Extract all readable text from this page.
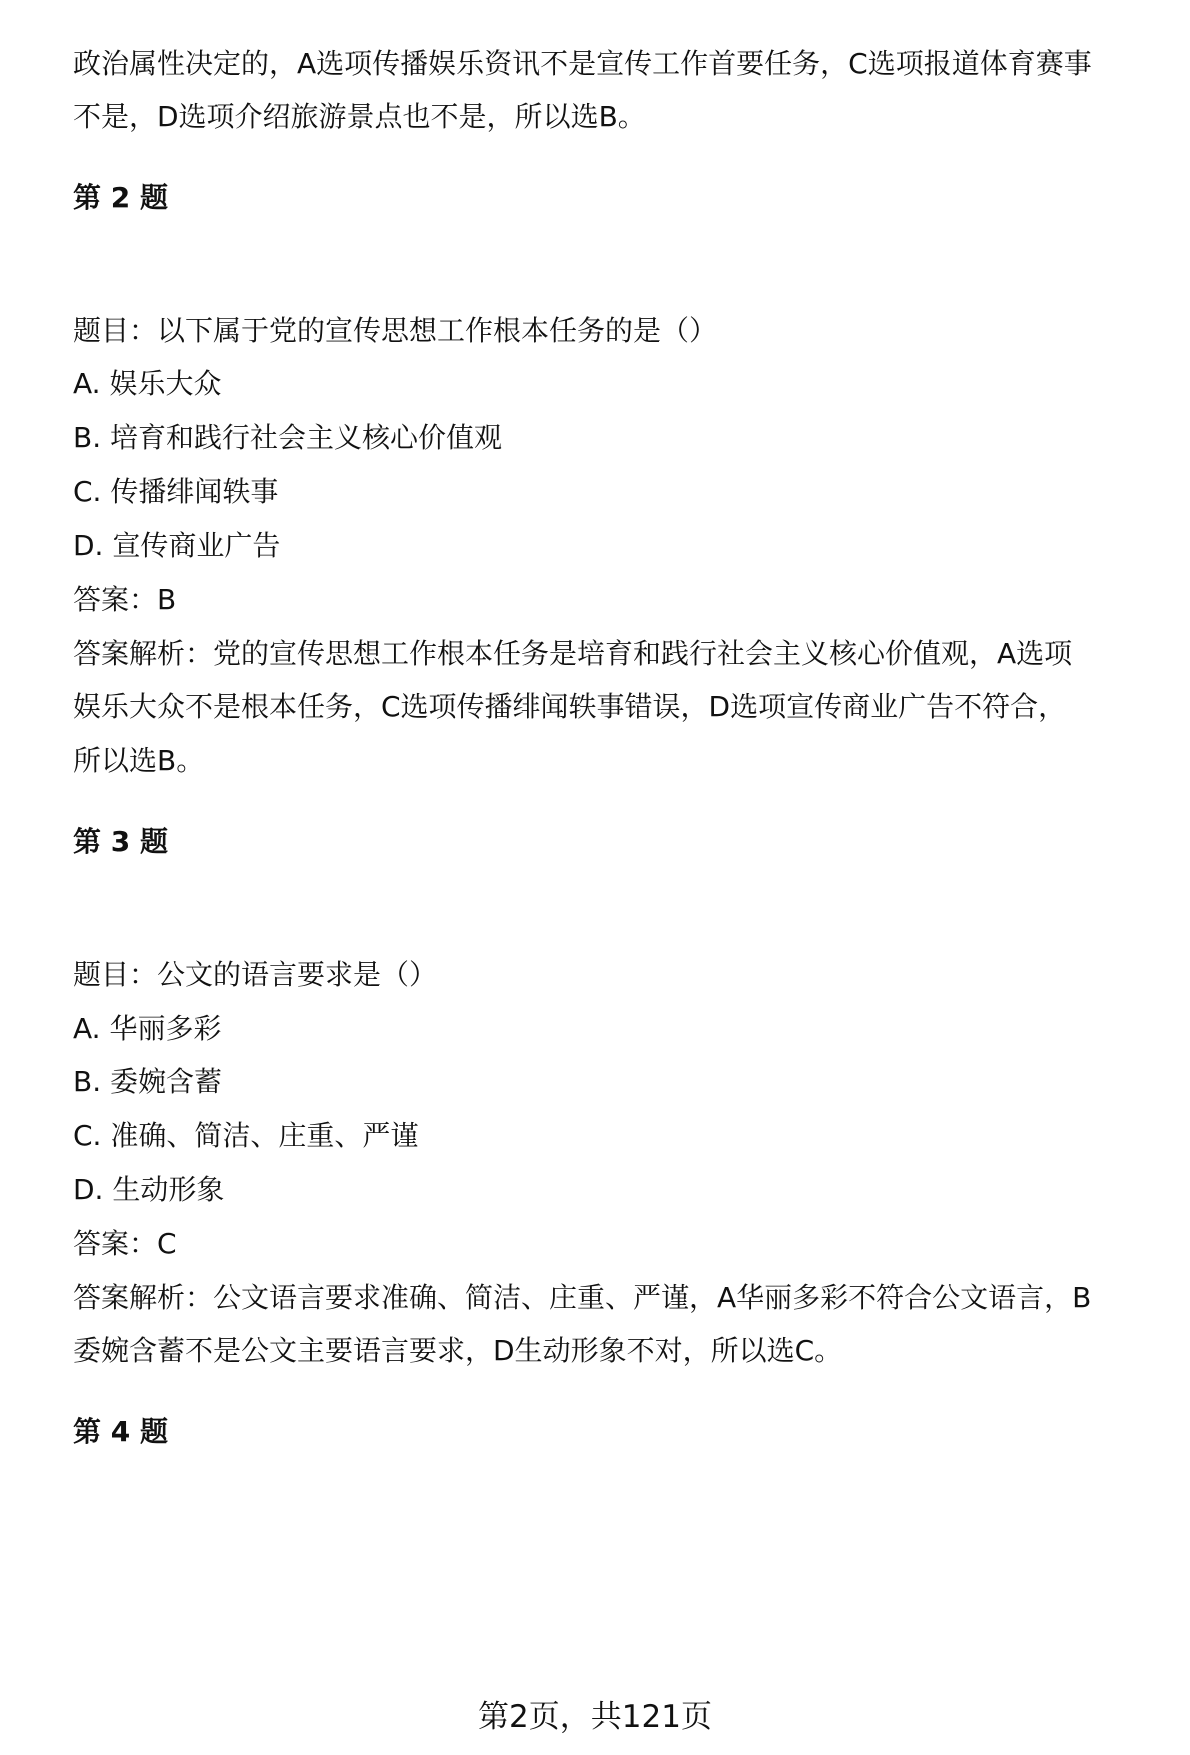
政治属性决定的，A选项传播娱乐资讯不是宣传工作首要任务，C选项报道体育赛事
不是，D选项介绍旅游景点也不是，所以选B。
第 2 题
题目：以下属于党的宣传思想工作根本任务的是（）
A. 娱乐大众
B. 培育和践行社会主义核心价值观
C. 传播绯闻轶事
D. 宣传商业广告
答案：B
答案解析：党的宣传思想工作根本任务是培育和践行社会主义核心价值观，A选项
娱乐大众不是根本任务，C选项传播绯闻轶事错误，D选项宣传商业广告不符合，
所以选B。
第 3 题
题目：公文的语言要求是（）
A. 华丽多彩
B. 委婉含蓄
C. 准确、简洁、庄重、严谨
D. 生动形象
答案：C
答案解析：公文语言要求准确、简洁、庄重、严谨，A华丽多彩不符合公文语言，B
委婉含蓄不是公文主要语言要求，D生动形象不对，所以选C。
第 4 题
第2页，共121页
